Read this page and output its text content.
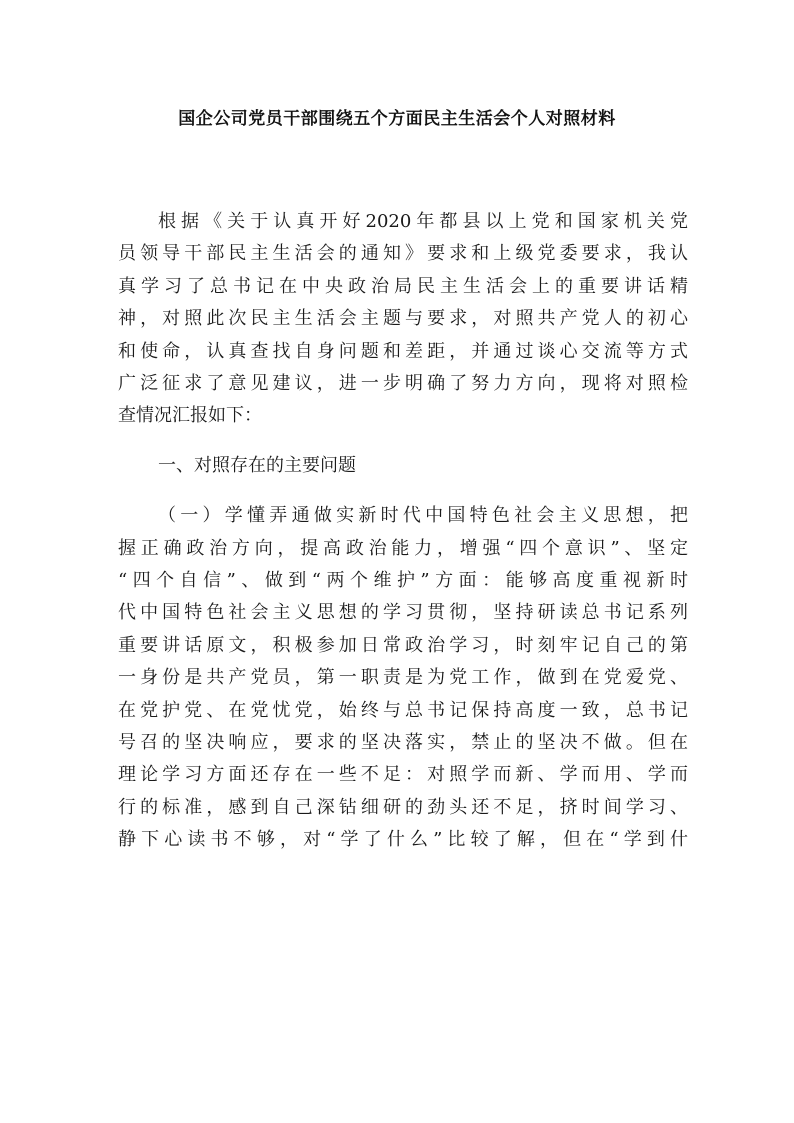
国企公司党员干部围绕五个方面民主生活会个人对照材料
根据《关于认真开好2020年都县以上党和国家机关党
员领导干部民主生活会的通知》要求和上级党委要求，我认
真学习了总书记在中央政治局民主生活会上的重要讲话精
神，对照此次民主生活会主题与要求，对照共产党人的初心
和使命，认真查找自身问题和差距，并通过谈心交流等方式
广泛征求了意见建议，进一步明确了努力方向，现将对照检
查情况汇报如下：
一、对照存在的主要问题
（一）学懂弄通做实新时代中国特色社会主义思想，把
握正确政治方向，提高政治能力，增强“四个意识”、坚定
“四个自信”、做到“两个维护”方面：能够高度重视新时
代中国特色社会主义思想的学习贯彻，坚持研读总书记系列
重要讲话原文，积极参加日常政治学习，时刻牢记自己的第
一身份是共产党员，第一职责是为党工作，做到在党爱党、
在党护党、在党忧党，始终与总书记保持高度一致，总书记
号召的坚决响应，要求的坚决落实，禁止的坚决不做。但在
理论学习方面还存在一些不足：对照学而新、学而用、学而
行的标准，感到自己深钻细研的劲头还不足，挤时间学习、
静下心读书不够，对“学了什么”比较了解，但在“学到什
